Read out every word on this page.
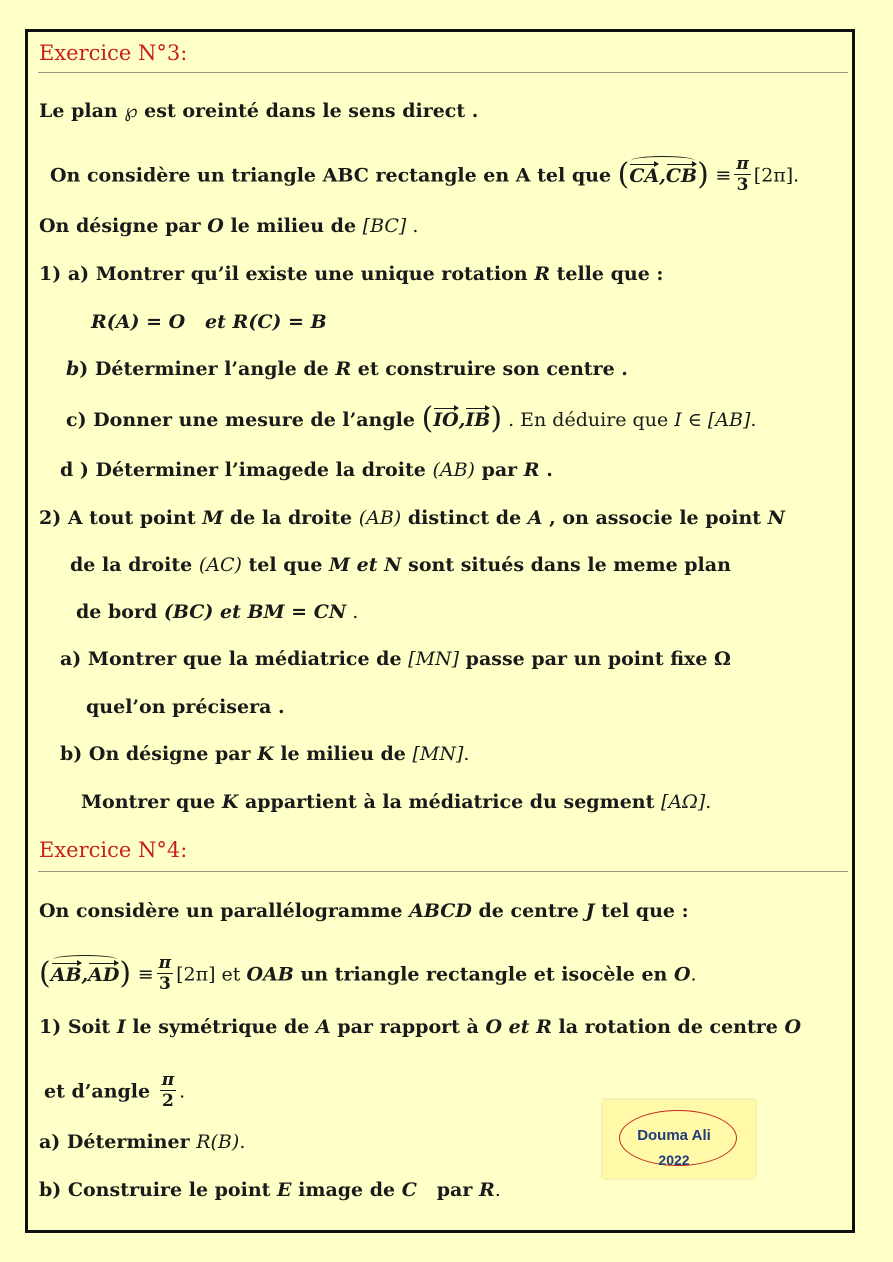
Exercice N°3:
Le plan ℘ est oreinté dans le sens direct .
On considère un triangle ABC rectangle en A tel que $(CA,CB) \equiv \frac{\pi}{3} [2\pi]$.
On désigne par O le milieu de [BC] .
1) a) Montrer qu’il existe une unique rotation R telle que :
R(A) = O   et R(C) = B
b) Déterminer l’angle de R et construire son centre .
c) Donner une mesure de l’angle (IO,IB) . En déduire que I ∈ [AB].
d ) Déterminer l’imagede la droite (AB) par R .
2) A tout point M de la droite (AB) distinct de A , on associe le point N
de la droite (AC) tel que M et N sont situés dans le meme plan
de bord (BC) et BM = CN .
a) Montrer que la médiatrice de [MN] passe par un point fixe Ω
quel’on précisera .
b) On désigne par K le milieu de [MN].
Montrer que K appartient à la médiatrice du segment [AΩ].
Exercice N°4:
On considère un parallélogramme ABCD de centre J tel que :
$(AB,AD) \equiv \frac{\pi}{3} [2\pi]$ et OAB un triangle rectangle et isocèle en O.
1) Soit I le symétrique de A par rapport à O et R la rotation de centre O
et d’angle $\frac{\pi}{2}$ .
a) Déterminer R(B).
b) Construire le point E image de C   par R.
Douma Ali
2022
